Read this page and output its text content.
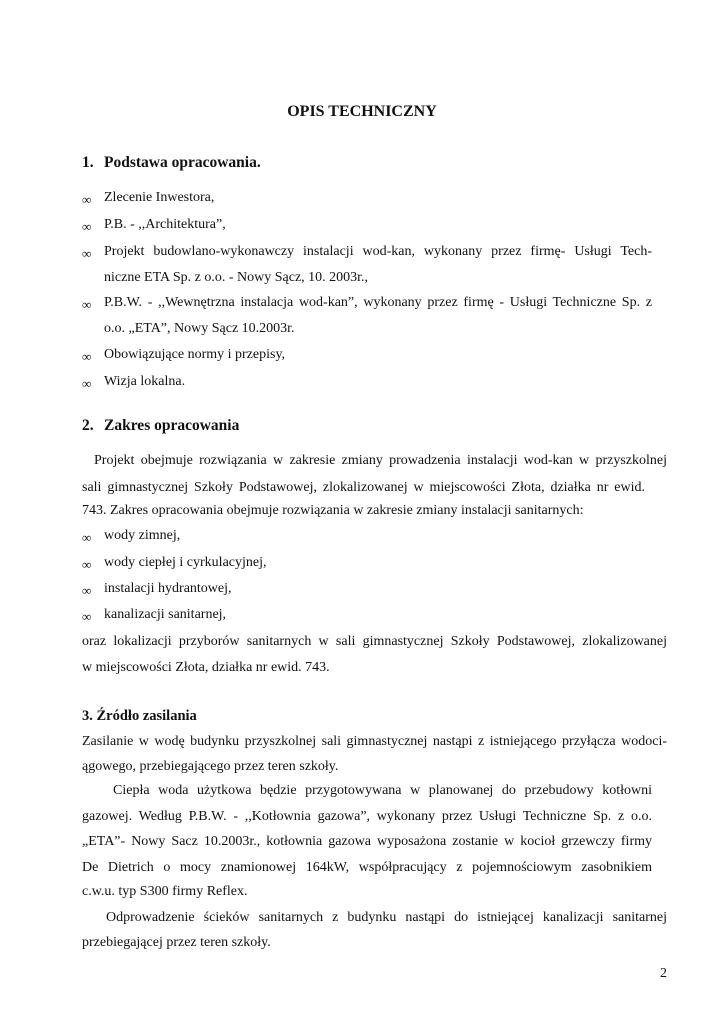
OPIS TECHNICZNY
1. Podstawa opracowania.
∞ Zlecenie Inwestora,
∞ P.B. - ,,Architektura”,
∞ Projekt budowlano-wykonawczy instalacji wod-kan, wykonany przez firmę- Usługi Tech-
niczne ETA Sp. z o.o. - Nowy Sącz, 10. 2003r.,
∞ P.B.W. - ,,Wewnętrzna instalacja wod-kan”, wykonany przez firmę - Usługi Techniczne Sp. z
o.o. „ETA”, Nowy Sącz 10.2003r.
∞ Obowiązujące normy i przepisy,
∞ Wizja lokalna.
2. Zakres opracowania
Projekt obejmuje rozwiązania w zakresie zmiany prowadzenia instalacji wod-kan w przyszkolnej
sali gimnastycznej Szkoły Podstawowej, zlokalizowanej w miejscowości Złota, działka nr ewid.
743. Zakres opracowania obejmuje rozwiązania w zakresie zmiany instalacji sanitarnych:
∞ wody zimnej,
∞ wody ciepłej i cyrkulacyjnej,
∞ instalacji hydrantowej,
∞ kanalizacji sanitarnej,
oraz lokalizacji przyborów sanitarnych w sali gimnastycznej Szkoły Podstawowej, zlokalizowanej
w miejscowości Złota, działka nr ewid. 743.
3. Źródło zasilania
Zasilanie w wodę budynku przyszkolnej sali gimnastycznej nastąpi z istniejącego przyłącza wodoci-
ągowego, przebiegającego przez teren szkoły.
Ciepła woda użytkowa będzie przygotowywana w planowanej do przebudowy kotłowni
gazowej. Według P.B.W. - ,,Kotłownia gazowa”, wykonany przez Usługi Techniczne Sp. z o.o.
„ETA”- Nowy Sacz 10.2003r., kotłownia gazowa wyposażona zostanie w kocioł grzewczy firmy
De Dietrich o mocy znamionowej 164kW, współpracujący z pojemnościowym zasobnikiem
c.w.u. typ S300 firmy Reflex.
Odprowadzenie ścieków sanitarnych z budynku nastąpi do istniejącej kanalizacji sanitarnej
przebiegającej przez teren szkoły.
2
